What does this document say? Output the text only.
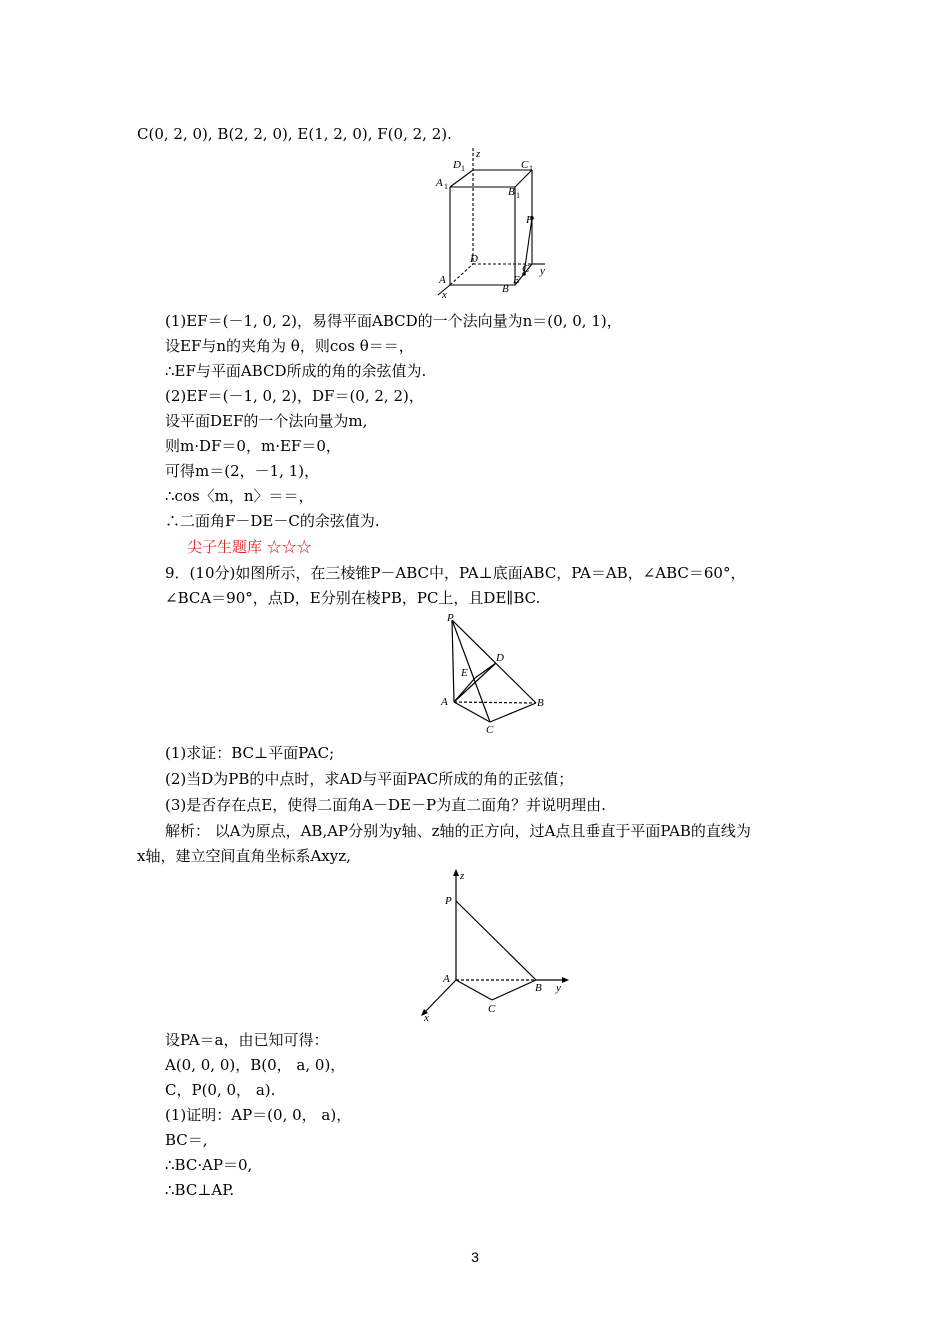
C(0, 2, 0), B(2, 2, 0), E(1, 2, 0), F(0, 2, 2).
(1)EF＝(－1, 0, 2)，易得平面ABCD的一个法向量为n＝(0, 0, 1)，
设EF与n的夹角为 θ，则cos θ＝＝，
∴EF与平面ABCD所成的角的余弦值为.
(2)EF＝(－1, 0, 2)，DF＝(0, 2, 2)，
设平面DEF的一个法向量为m,
则m·DF＝0，m·EF＝0，
可得m＝(2，－1, 1)，
∴cos〈m，n〉＝＝，
∴二面角F－DE－C的余弦值为.
尖子生题库 ☆☆☆
9．(10分)如图所示，在三棱锥P－ABC中，PA⊥底面ABC，PA＝AB，∠ABC＝60°，
∠BCA＝90°，点D，E分别在棱PB，PC上，且DE∥BC.
(1)求证：BC⊥平面PAC;
(2)当D为PB的中点时，求AD与平面PAC所成的角的正弦值；
(3)是否存在点E，使得二面角A－DE－P为直二面角？并说明理由.
解析： 以A为原点，AB,AP分别为y轴、z轴的正方向，过A点且垂直于平面PAB的直线为
x轴，建立空间直角坐标系Axyz,
设PA＝a，由已知可得：
A(0, 0, 0)，B(0， a, 0)，
C，P(0, 0， a).
(1)证明：AP＝(0, 0， a)，
BC＝,
∴BC·AP＝0,
∴BC⊥AP.
z
D 1	C 1
A 1	B 1
F
D
C y
A	E
B
x
P
D
E
A	B
C
z
P
A
B y
C
x
3
